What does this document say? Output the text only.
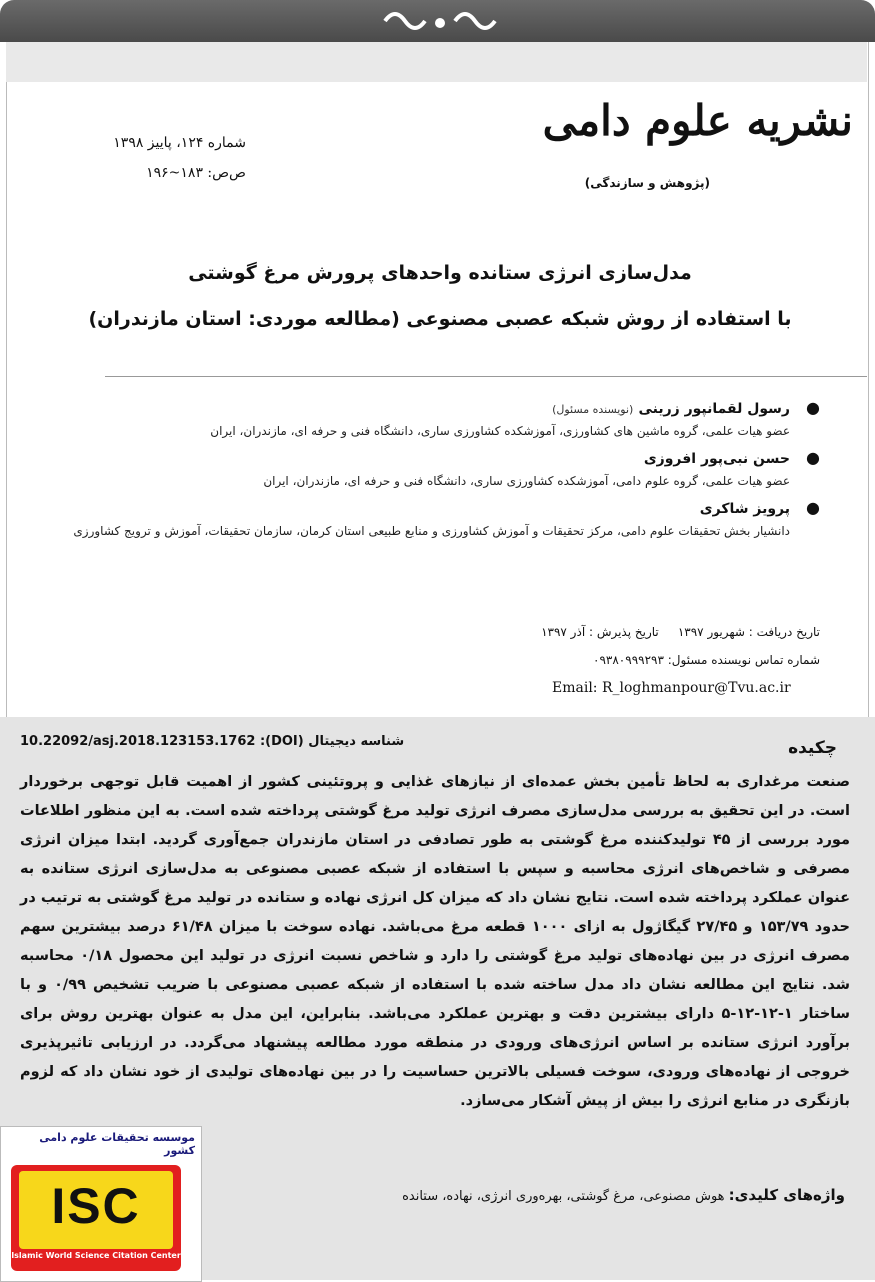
نشریه علوم دامی
(پژوهش و سازندگی)
شماره ۱۲۴، پاییز ۱۳۹۸
ص‌ص: ۱۸۳~۱۹۶
مدل‌سازی انرژی ستانده واحدهای پرورش مرغ گوشتی
با استفاده از روش شبکه عصبی مصنوعی (مطالعه موردی: استان مازندران)
●
رسول لقمانپور زرینی (نویسنده مسئول)
عضو هیات علمی، گروه ماشین های کشاورزی، آموزشکده کشاورزی ساری، دانشگاه فنی و حرفه ای، مازندران، ایران
●
حسن نبی‌پور افروزی
عضو هیات علمی، گروه علوم دامی، آموزشکده کشاورزی ساری، دانشگاه فنی و حرفه ای، مازندران، ایران
●
پرویز شاکری
دانشیار بخش تحقیقات علوم دامی، مرکز تحقیقات و آموزش کشاورزی و منابع طبیعی استان کرمان، سازمان تحقیقات، آموزش و ترویج کشاورزی
تاریخ دریافت : شهریور ۱۳۹۷     تاریخ پذیرش : آذر ۱۳۹۷
شماره تماس نویسنده مسئول: ۰۹۳۸۰۹۹۹۲۹۳
Email: R_loghmanpour@Tvu.ac.ir
شناسه دیجیتال (DOI): 10.22092/asj.2018.123153.1762	چکیده
صنعت مرغداری به لحاظ تأمین بخش عمده‌ای از نیازهای غذایی و پروتئینی کشور از اهمیت قابل توجهی برخوردار است. در این تحقیق به بررسی مدل‌سازی مصرف انرژی تولید مرغ گوشتی پرداخته شده است. به این منظور اطلاعات مورد بررسی از ۴۵ تولیدکننده مرغ گوشتی به طور تصادفی در استان مازندران جمع‌آوری گردید. ابتدا میزان انرژی مصرفی و شاخص‌های انرژی محاسبه و سپس با استفاده از شبکه عصبی مصنوعی به مدل‌سازی انرژی ستانده به عنوان عملکرد پرداخته شده است. نتایج نشان داد که میزان کل انرژی نهاده و ستانده در تولید مرغ گوشتی به ترتیب در حدود ۱۵۳/۷۹ و ۲۷/۴۵ گیگاژول به ازای ۱۰۰۰ قطعه مرغ می‌باشد. نهاده سوخت با میزان ۶۱/۴۸ درصد بیشترین سهم مصرف انرژی در بین نهاده‌های تولید مرغ گوشتی را دارد و شاخص نسبت انرژی در تولید این محصول ۰/۱۸ محاسبه شد. نتایج این مطالعه نشان داد مدل ساخته شده با استفاده از شبکه عصبی مصنوعی با ضریب تشخیص ۰/۹۹ و با ساختار ۱-۱۲-۱۲-۵ دارای بیشترین دقت و بهترین عملکرد می‌باشد. بنابراین، این مدل به عنوان بهترین روش برای برآورد انرژی ستانده بر اساس انرژی‌های ورودی در منطقه مورد مطالعه پیشنهاد می‌گردد. در ارزیابی تاثیرپذیری خروجی از نهاده‌های ورودی، سوخت فسیلی بالاترین حساسیت را در بین نهاده‌های تولیدی از خود نشان داد که لزوم بازنگری در منابع انرژی را بیش از پیش آشکار می‌سازد.
واژه‌های کلیدی: هوش مصنوعی، مرغ گوشتی، بهره‌وری انرژی، نهاده، ستانده
موسسه تحقیقات علوم دامی کشور
ISC
Islamic World Science Citation Center
